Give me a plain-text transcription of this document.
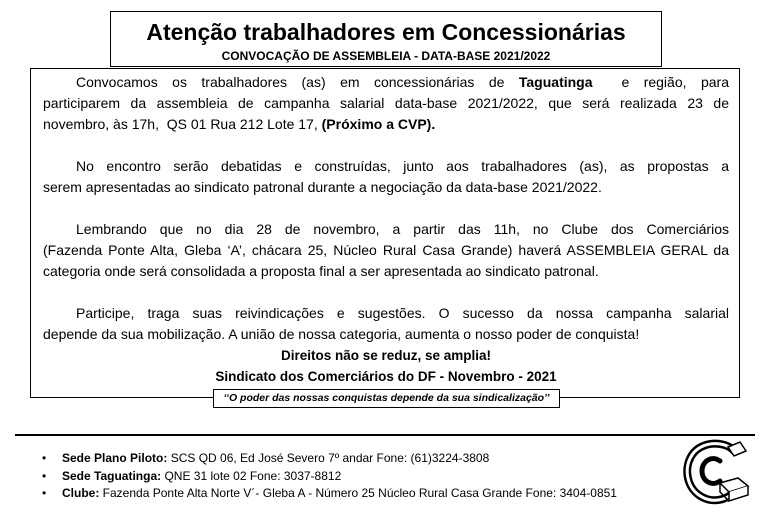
Atenção trabalhadores em Concessionárias
CONVOCAÇÃO DE ASSEMBLEIA - DATA-BASE 2021/2022
Convocamos os trabalhadores (as) em concessionárias de Taguatinga  e região, para
participarem da assembleia de campanha salarial data-base 2021/2022, que será realizada 23 de
novembro, às 17h,  QS 01 Rua 212 Lote 17, (Próximo a CVP).
No encontro serão debatidas e construídas, junto aos trabalhadores (as), as propostas a
serem apresentadas ao sindicato patronal durante a negociação da data-base 2021/2022.
Lembrando que no dia 28 de novembro, a partir das 11h, no Clube dos Comerciários
(Fazenda Ponte Alta, Gleba ‘A’, chácara 25, Núcleo Rural Casa Grande) haverá ASSEMBLEIA GERAL da
categoria onde será consolidada a proposta final a ser apresentada ao sindicato patronal.
Participe, traga suas reivindicações e sugestões. O sucesso da nossa campanha salarial
depende da sua mobilização. A união de nossa categoria, aumenta o nosso poder de conquista!
Direitos não se reduz, se amplia!
Sindicato dos Comerciários do DF - Novembro - 2021
‘‘O poder das nossas conquistas depende da sua sindicalização’’
• Sede Plano Piloto: SCS QD 06, Ed José Severo 7º andar Fone: (61)3224-3808
• Sede Taguatinga: QNE 31 lote 02 Fone: 3037-8812
• Clube: Fazenda Ponte Alta Norte V´- Gleba A - Número 25 Núcleo Rural Casa Grande Fone: 3404-0851
